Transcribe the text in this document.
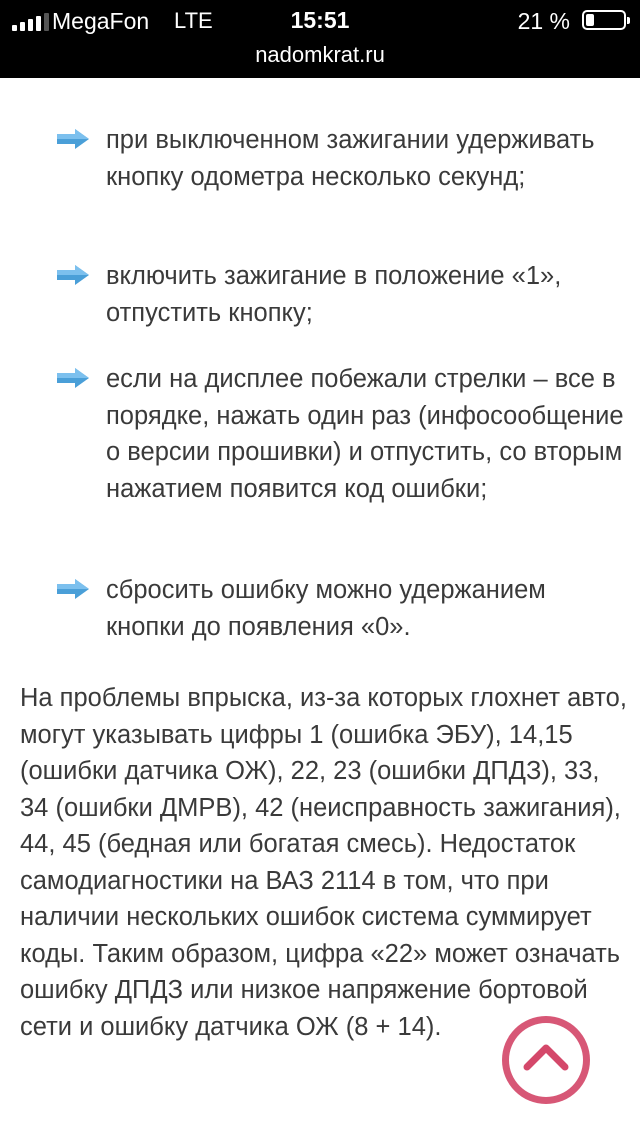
MegaFon LTE	15:51	21 %
nadomkrat.ru
при выключенном зажигании удерживать кнопку одометра несколько секунд;
включить зажигание в положение «1», отпустить кнопку;
если на дисплее побежали стрелки – все в порядке, нажать один раз (инфосообщение о версии прошивки) и отпустить, со вторым нажатием появится код ошибки;
сбросить ошибку можно удержанием кнопки до появления «0».
На проблемы впрыска, из-за которых глохнет авто, могут указывать цифры 1 (ошибка ЭБУ), 14,15 (ошибки датчика ОЖ), 22, 23 (ошибки ДПДЗ), 33, 34 (ошибки ДМРВ), 42 (неисправность зажигания), 44, 45 (бедная или богатая смесь). Недостаток самодиагностики на ВАЗ 2114 в том, что при наличии нескольких ошибок система суммирует коды. Таким образом, цифра «22» может означать ошибку ДПДЗ или низкое напряжение бортовой сети и ошибку датчика ОЖ (8 + 14).
